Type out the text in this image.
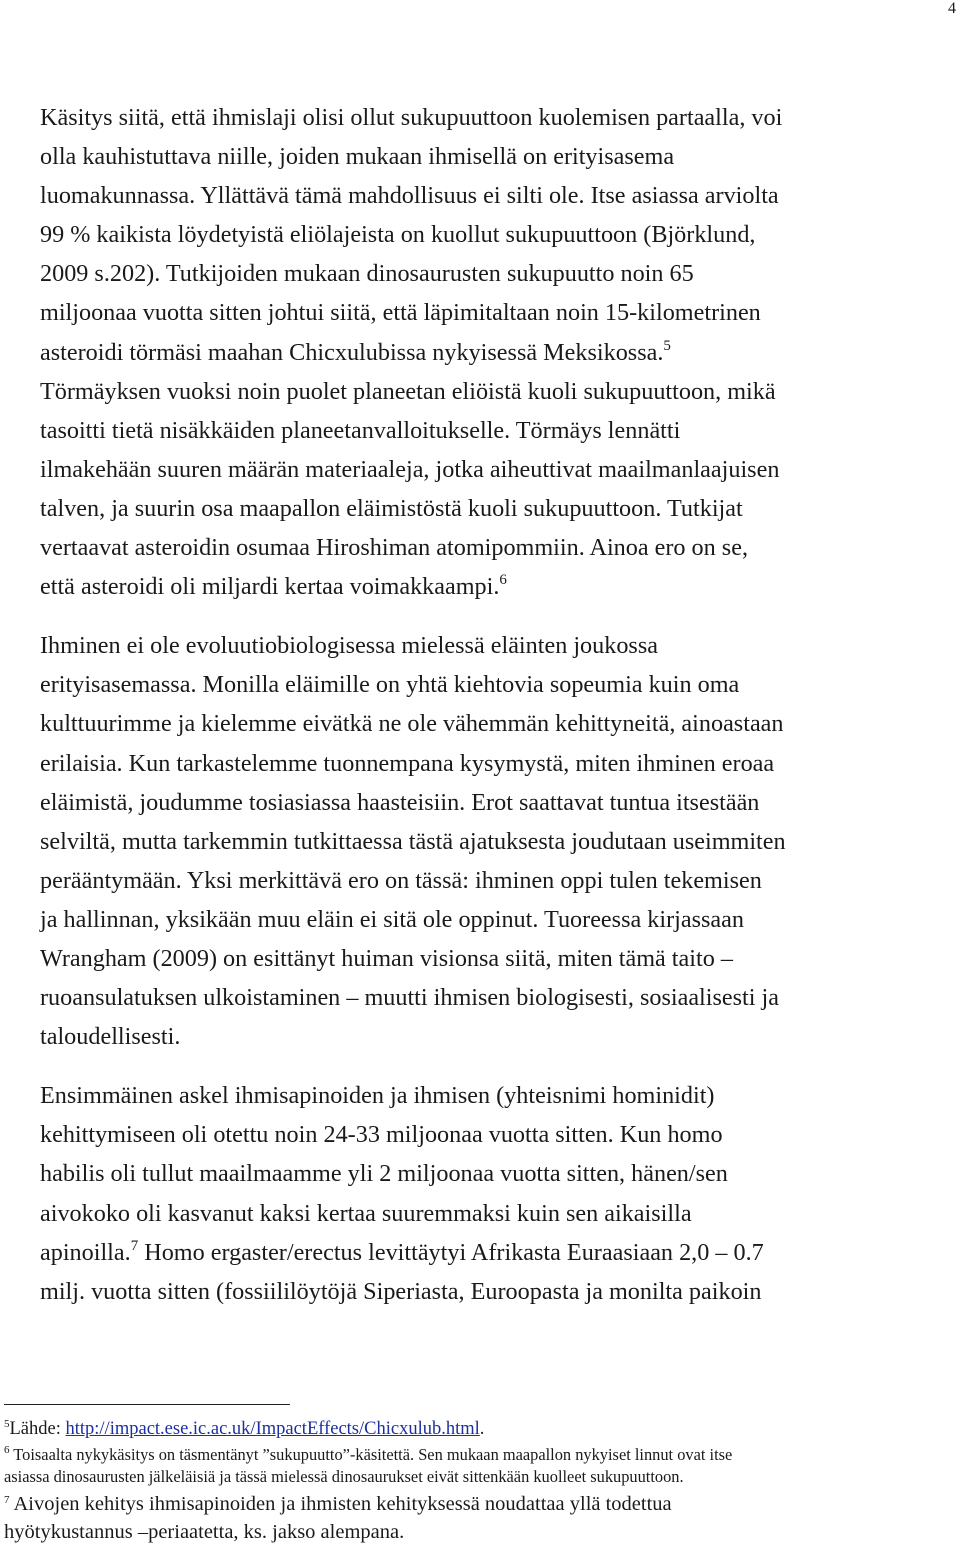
4
Käsitys siitä, että ihmislaji olisi ollut sukupuuttoon kuolemisen partaalla, voi
olla kauhistuttava niille, joiden mukaan ihmisellä on erityisasema
luomakunnassa. Yllättävä tämä mahdollisuus ei silti ole. Itse asiassa arviolta
99 % kaikista löydetyistä eliölajeista on kuollut sukupuuttoon (Björklund,
2009 s.202). Tutkijoiden mukaan dinosaurusten sukupuutto noin 65
miljoonaa vuotta sitten johtui siitä, että läpimitaltaan noin 15-kilometrinen
asteroidi törmäsi maahan Chicxulubissa nykyisessä Meksikossa.$^5$
Törmäyksen vuoksi noin puolet planeetan eliöistä kuoli sukupuuttoon, mikä
tasoitti tietä nisäkkäiden planeetanvalloitukselle. Törmäys lennätti
ilmakehään suuren määrän materiaaleja, jotka aiheuttivat maailmanlaajuisen
talven, ja suurin osa maapallon eläimistöstä kuoli sukupuuttoon. Tutkijat
vertaavat asteroidin osumaa Hiroshiman atomipommiin. Ainoa ero on se,
että asteroidi oli miljardi kertaa voimakkaampi.$^6$
Ihminen ei ole evoluutiobiologisessa mielessä eläinten joukossa
erityisasemassa. Monilla eläimille on yhtä kiehtovia sopeumia kuin oma
kulttuurimme ja kielemme eivätkä ne ole vähemmän kehittyneitä, ainoastaan
erilaisia. Kun tarkastelemme tuonnempana kysymystä, miten ihminen eroaa
eläimistä, joudumme tosiasiassa haasteisiin. Erot saattavat tuntua itsestään
selviltä, mutta tarkemmin tutkittaessa tästä ajatuksesta joudutaan useimmiten
perääntymään. Yksi merkittävä ero on tässä: ihminen oppi tulen tekemisen
ja hallinnan, yksikään muu eläin ei sitä ole oppinut. Tuoreessa kirjassaan
Wrangham (2009) on esittänyt huiman visionsa siitä, miten tämä taito –
ruoansulatuksen ulkoistaminen – muutti ihmisen biologisesti, sosiaalisesti ja
taloudellisesti.
Ensimmäinen askel ihmisapinoiden ja ihmisen (yhteisnimi hominidit)
kehittymiseen oli otettu noin 24-33 miljoonaa vuotta sitten. Kun homo
habilis oli tullut maailmaamme yli 2 miljoonaa vuotta sitten, hänen/sen
aivokoko oli kasvanut kaksi kertaa suuremmaksi kuin sen aikaisilla
apinoilla.$^7$ Homo ergaster/erectus levittäytyi Afrikasta Euraasiaan 2,0 – 0.7
milj. vuotta sitten (fossiililöytöjä Siperiasta, Euroopasta ja monilta paikoin
$^5$Lähde: http://impact.ese.ic.ac.uk/ImpactEffects/Chicxulub.html.
$^6$ Toisaalta nykykäsitys on täsmentänyt ”sukupuutto”-käsitettä. Sen mukaan maapallon nykyiset linnut ovat itse
asiassa dinosaurusten jälkeläisiä ja tässä mielessä dinosaurukset eivät sittenkään kuolleet sukupuuttoon.
$^7$ Aivojen kehitys ihmisapinoiden ja ihmisten kehityksessä noudattaa yllä todettua
hyötykustannus –periaatetta, ks. jakso alempana.
